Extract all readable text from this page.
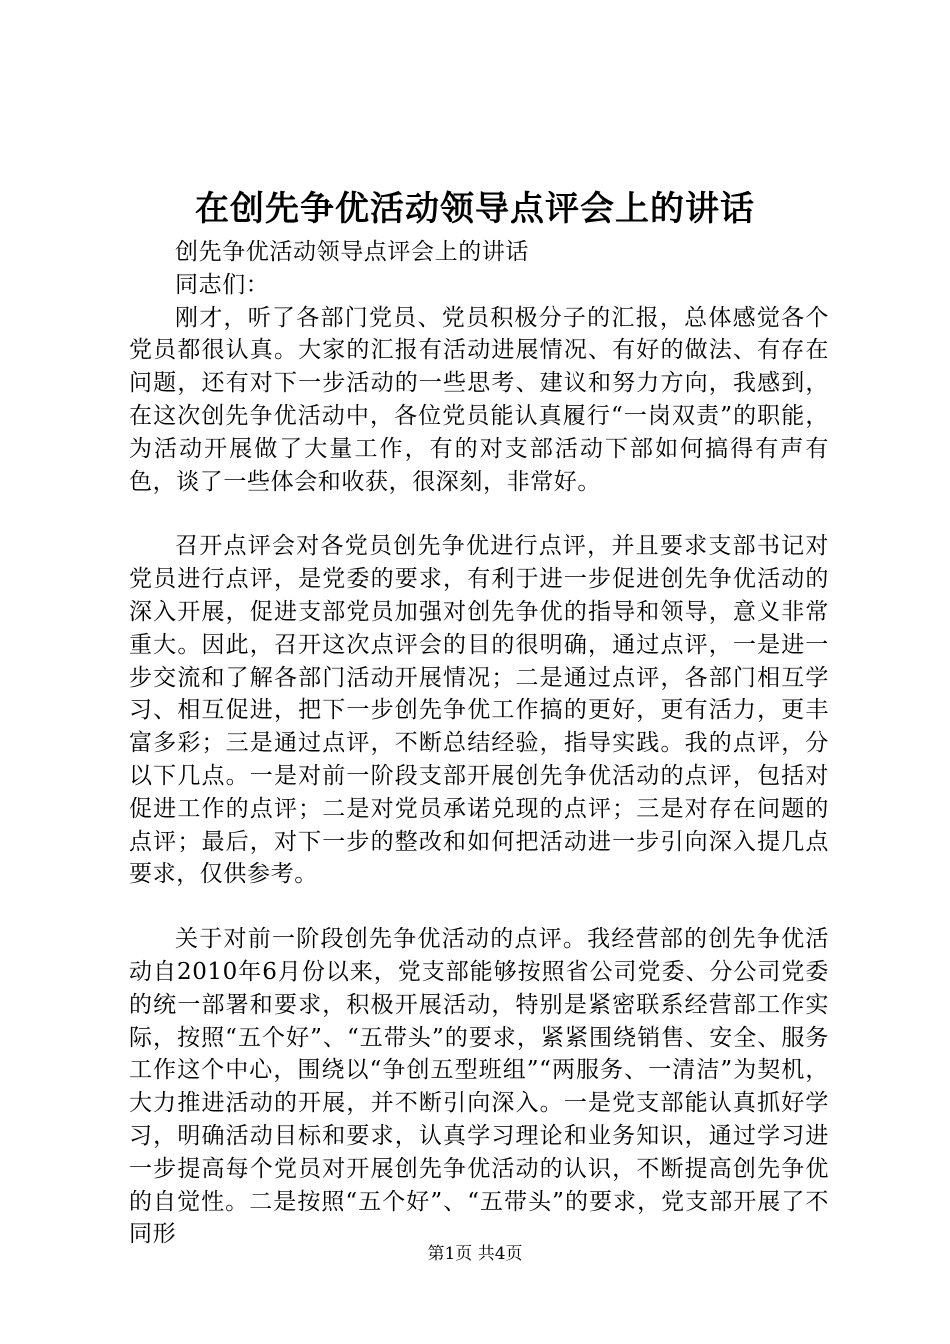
在创先争优活动领导点评会上的讲话

创先争优活动领导点评会上的讲话

同志们：

刚才，听了各部门党员、党员积极分子的汇报，总体感觉各个党员都很认真。大家的汇报有活动进展情况、有好的做法、有存在问题，还有对下一步活动的一些思考、建议和努力方向，我感到，在这次创先争优活动中，各位党员能认真履行“一岗双责”的职能，为活动开展做了大量工作，有的对支部活动下部如何搞得有声有色，谈了一些体会和收获，很深刻，非常好。

召开点评会对各党员创先争优进行点评，并且要求支部书记对党员进行点评，是党委的要求，有利于进一步促进创先争优活动的深入开展，促进支部党员加强对创先争优的指导和领导，意义非常重大。因此，召开这次点评会的目的很明确，通过点评，一是进一步交流和了解各部门活动开展情况；二是通过点评，各部门相互学习、相互促进，把下一步创先争优工作搞的更好，更有活力，更丰富多彩；三是通过点评，不断总结经验，指导实践。我的点评，分以下几点。一是对前一阶段支部开展创先争优活动的点评，包括对促进工作的点评；二是对党员承诺兑现的点评；三是对存在问题的点评；最后，对下一步的整改和如何把活动进一步引向深入提几点要求，仅供参考。

关于对前一阶段创先争优活动的点评。我经营部的创先争优活动自2010年6月份以来，党支部能够按照省公司党委、分公司党委的统一部署和要求，积极开展活动，特别是紧密联系经营部工作实际，按照“五个好”、“五带头”的要求，紧紧围绕销售、安全、服务工作这个中心，围绕以“争创五型班组”“两服务、一清洁”为契机，大力推进活动的开展，并不断引向深入。一是党支部能认真抓好学习，明确活动目标和要求，认真学习理论和业务知识，通过学习进一步提高每个党员对开展创先争优活动的认识，不断提高创先争优的自觉性。二是按照“五个好”、“五带头”的要求，党支部开展了不同形

第1页 共4页
